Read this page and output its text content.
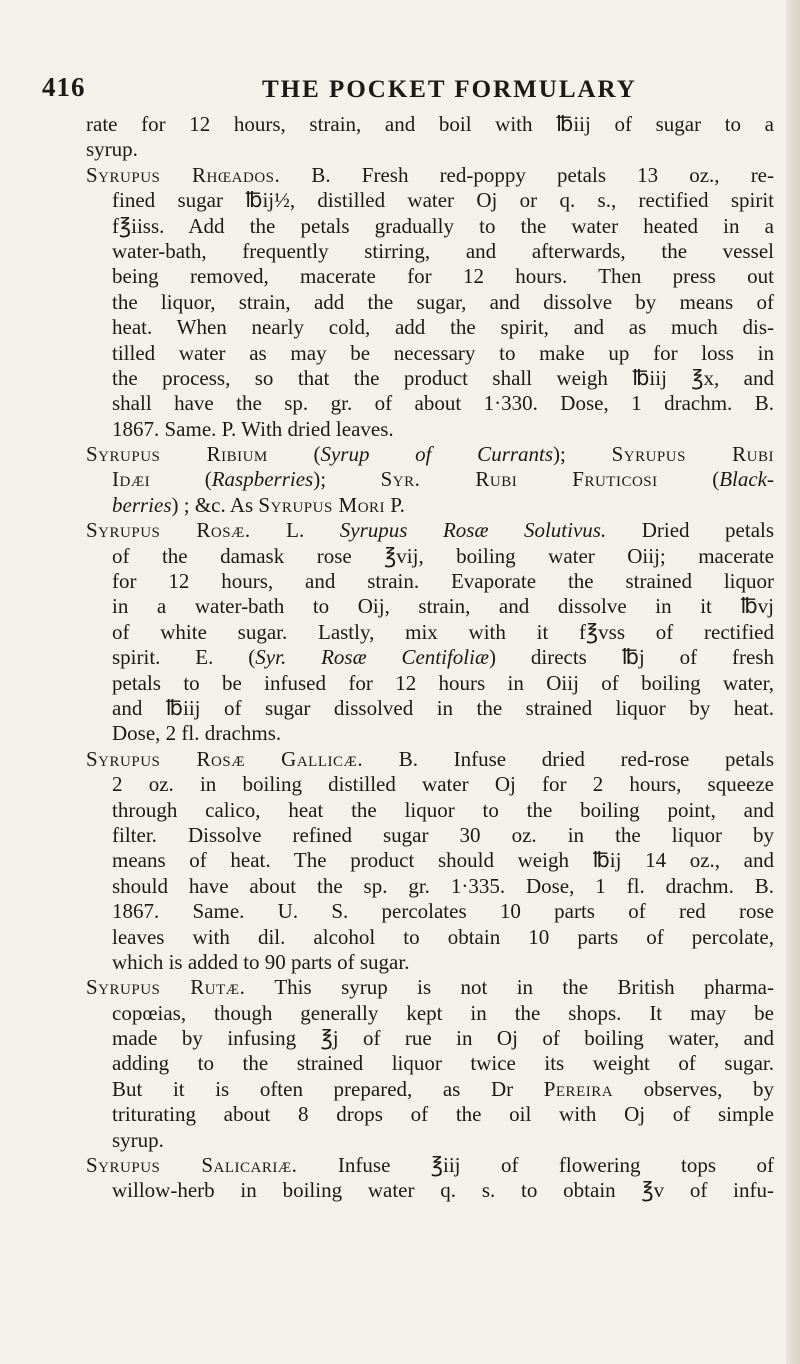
416	THE POCKET FORMULARY
rate for 12 hours, strain, and boil with ℔iij of sugar to a
syrup.
Syrupus Rhœados. B. Fresh red-poppy petals 13 oz., re-
fined sugar ℔ij½, distilled water Oj or q. s., rectified spirit
f℥iiss. Add the petals gradually to the water heated in a
water-bath, frequently stirring, and afterwards, the vessel
being removed, macerate for 12 hours. Then press out
the liquor, strain, add the sugar, and dissolve by means of
heat. When nearly cold, add the spirit, and as much dis-
tilled water as may be necessary to make up for loss in
the process, so that the product shall weigh ℔iij ℥x, and
shall have the sp. gr. of about 1·330. Dose, 1 drachm. B.
1867. Same. P. With dried leaves.
Syrupus Ribium (Syrup of Currants); Syrupus Rubi
Idæi (Raspberries); Syr. Rubi Fruticosi (Black-
berries) ; &c. As Syrupus Mori P.
Syrupus Rosæ. L. Syrupus Rosæ Solutivus. Dried petals
of the damask rose ℥vij, boiling water Oiij; macerate
for 12 hours, and strain. Evaporate the strained liquor
in a water-bath to Oij, strain, and dissolve in it ℔vj
of white sugar. Lastly, mix with it f℥vss of rectified
spirit. E. (Syr. Rosæ Centifoliæ) directs ℔j of fresh
petals to be infused for 12 hours in Oiij of boiling water,
and ℔iij of sugar dissolved in the strained liquor by heat.
Dose, 2 fl. drachms.
Syrupus Rosæ Gallicæ. B. Infuse dried red-rose petals
2 oz. in boiling distilled water Oj for 2 hours, squeeze
through calico, heat the liquor to the boiling point, and
filter. Dissolve refined sugar 30 oz. in the liquor by
means of heat. The product should weigh ℔ij 14 oz., and
should have about the sp. gr. 1·335. Dose, 1 fl. drachm. B.
1867. Same. U. S. percolates 10 parts of red rose
leaves with dil. alcohol to obtain 10 parts of percolate,
which is added to 90 parts of sugar.
Syrupus Rutæ. This syrup is not in the British pharma-
copœias, though generally kept in the shops. It may be
made by infusing ℥j of rue in Oj of boiling water, and
adding to the strained liquor twice its weight of sugar.
But it is often prepared, as Dr Pereira observes, by
triturating about 8 drops of the oil with Oj of simple
syrup.
Syrupus Salicariæ. Infuse ℥iij of flowering tops of
willow-herb in boiling water q. s. to obtain ℥v of infu-
